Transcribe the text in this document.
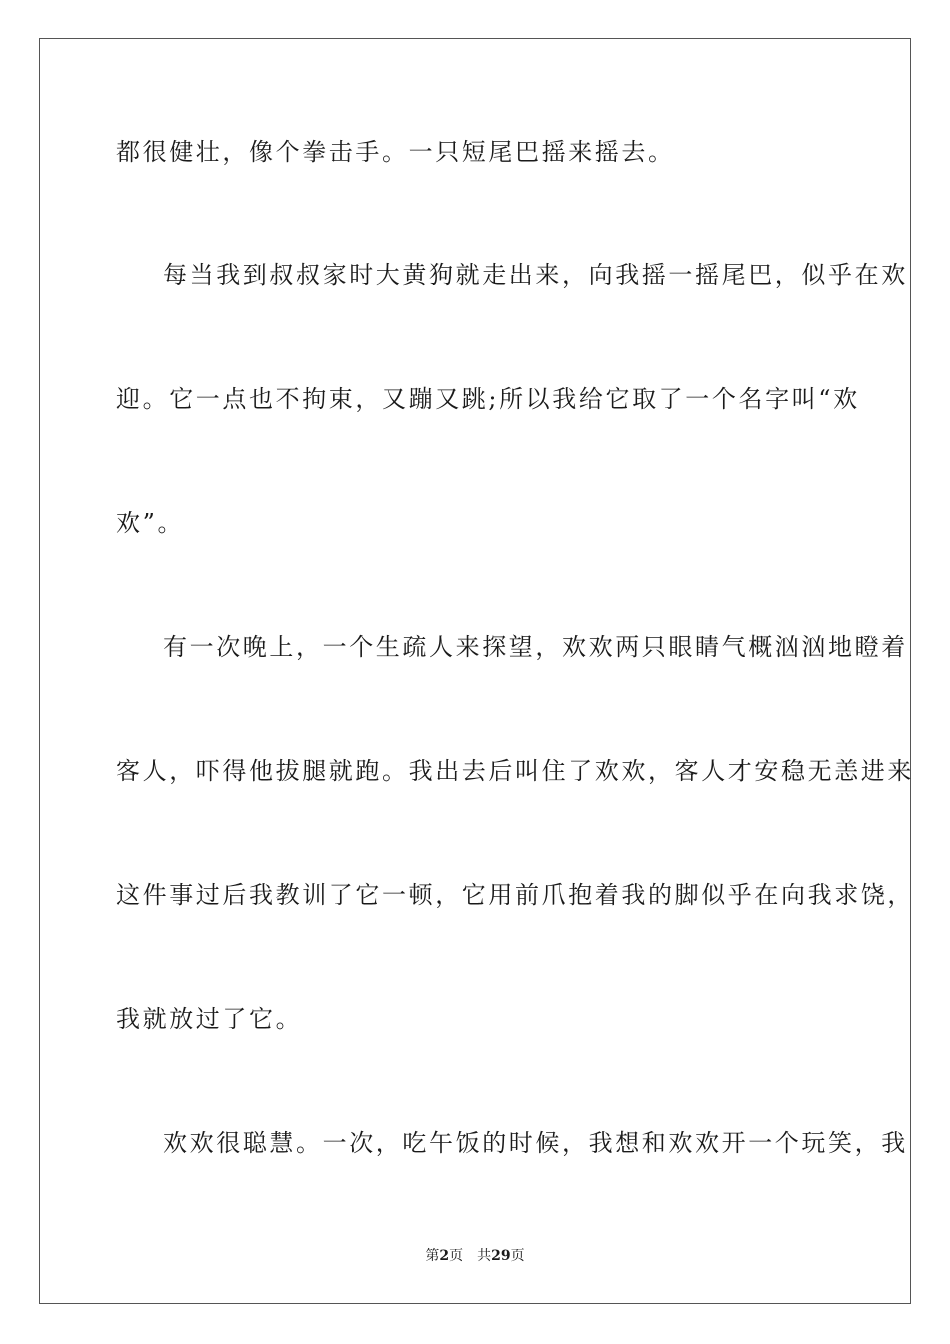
都很健壮，像个拳击手。一只短尾巴摇来摇去。
每当我到叔叔家时大黄狗就走出来，向我摇一摇尾巴，似乎在欢
迎。它一点也不拘束，又蹦又跳;所以我给它取了一个名字叫“欢
欢”。
有一次晚上，一个生疏人来探望，欢欢两只眼睛气概汹汹地瞪着
客人，吓得他拔腿就跑。我出去后叫住了欢欢，客人才安稳无恙进来
这件事过后我教训了它一顿，它用前爪抱着我的脚似乎在向我求饶，
我就放过了它。
欢欢很聪慧。一次，吃午饭的时候，我想和欢欢开一个玩笑，我
第2页 共29页
